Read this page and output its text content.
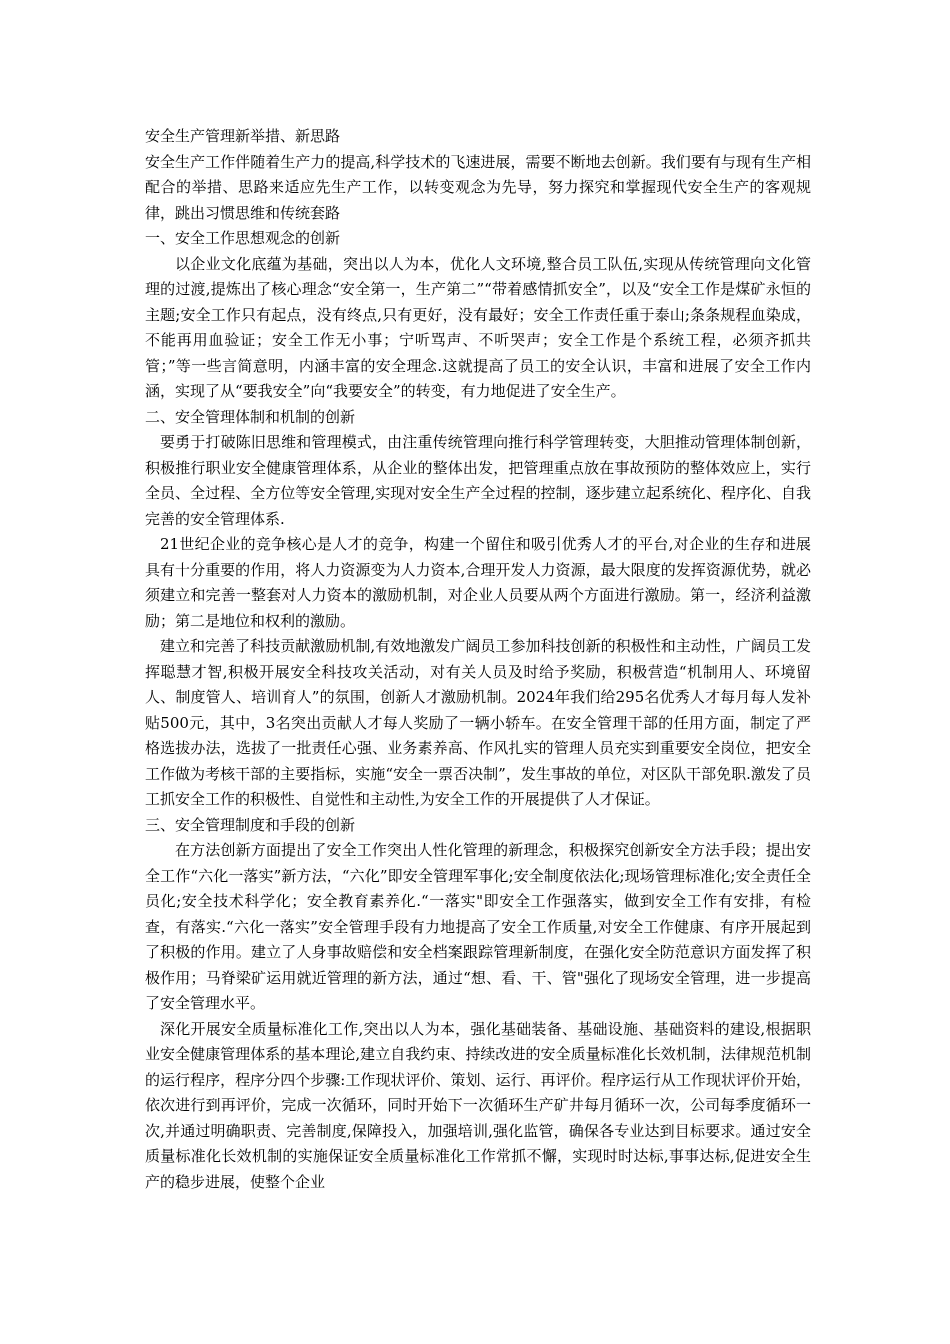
安全生产管理新举措、新思路

安全生产工作伴随着生产力的提高,科学技术的飞速进展，需要不断地去创新。我们要有与现有生产相配合的举措、思路来适应先生产工作，以转变观念为先导，努力探究和掌握现代安全生产的客观规律，跳出习惯思维和传统套路

一、安全工作思想观念的创新

以企业文化底蕴为基础，突出以人为本，优化人文环境,整合员工队伍,实现从传统管理向文化管理的过渡,提炼出了核心理念“安全第一，生产第二”“带着感情抓安全”，以及“安全工作是煤矿永恒的主题;安全工作只有起点，没有终点,只有更好，没有最好；安全工作责任重于泰山;条条规程血染成，不能再用血验证；安全工作无小事；宁听骂声、不听哭声；安全工作是个系统工程，必须齐抓共管；”等一些言简意明，内涵丰富的安全理念.这就提高了员工的安全认识，丰富和进展了安全工作内涵，实现了从“要我安全”向“我要安全”的转变，有力地促进了安全生产。

二、安全管理体制和机制的创新

要勇于打破陈旧思维和管理模式，由注重传统管理向推行科学管理转变，大胆推动管理体制创新，积极推行职业安全健康管理体系，从企业的整体出发，把管理重点放在事故预防的整体效应上，实行全员、全过程、全方位等安全管理,实现对安全生产全过程的控制，逐步建立起系统化、程序化、自我完善的安全管理体系.

21世纪企业的竞争核心是人才的竞争，构建一个留住和吸引优秀人才的平台,对企业的生存和进展具有十分重要的作用，将人力资源变为人力资本,合理开发人力资源，最大限度的发挥资源优势，就必须建立和完善一整套对人力资本的激励机制，对企业人员要从两个方面进行激励。第一，经济利益激励；第二是地位和权利的激励。

建立和完善了科技贡献激励机制,有效地激发广阔员工参加科技创新的积极性和主动性，广阔员工发挥聪慧才智,积极开展安全科技攻关活动，对有关人员及时给予奖励，积极营造“机制用人、环境留人、制度管人、培训育人”的氛围，创新人才激励机制。2024年我们给295名优秀人才每月每人发补贴500元，其中，3名突出贡献人才每人奖励了一辆小轿车。在安全管理干部的任用方面，制定了严格选拔办法，选拔了一批责任心强、业务素养高、作风扎实的管理人员充实到重要安全岗位，把安全工作做为考核干部的主要指标，实施“安全一票否决制”，发生事故的单位，对区队干部免职.激发了员工抓安全工作的积极性、自觉性和主动性,为安全工作的开展提供了人才保证。

三、安全管理制度和手段的创新

在方法创新方面提出了安全工作突出人性化管理的新理念，积极探究创新安全方法手段；提出安全工作“六化一落实”新方法，“六化”即安全管理军事化;安全制度依法化;现场管理标准化;安全责任全员化;安全技术科学化；安全教育素养化.“一落实"即安全工作强落实，做到安全工作有安排，有检查，有落实.“六化一落实”安全管理手段有力地提高了安全工作质量,对安全工作健康、有序开展起到了积极的作用。建立了人身事故赔偿和安全档案跟踪管理新制度，在强化安全防范意识方面发挥了积极作用；马脊梁矿运用就近管理的新方法，通过“想、看、干、管"强化了现场安全管理，进一步提高了安全管理水平。

深化开展安全质量标准化工作,突出以人为本，强化基础装备、基础设施、基础资料的建设,根据职业安全健康管理体系的基本理论,建立自我约束、持续改进的安全质量标准化长效机制，法律规范机制的运行程序，程序分四个步骤:工作现状评价、策划、运行、再评价。程序运行从工作现状评价开始，依次进行到再评价，完成一次循环，同时开始下一次循环生产矿井每月循环一次，公司每季度循环一次,并通过明确职责、完善制度,保障投入，加强培训,强化监管，确保各专业达到目标要求。通过安全质量标准化长效机制的实施保证安全质量标准化工作常抓不懈，实现时时达标,事事达标,促进安全生产的稳步进展，使整个企业
